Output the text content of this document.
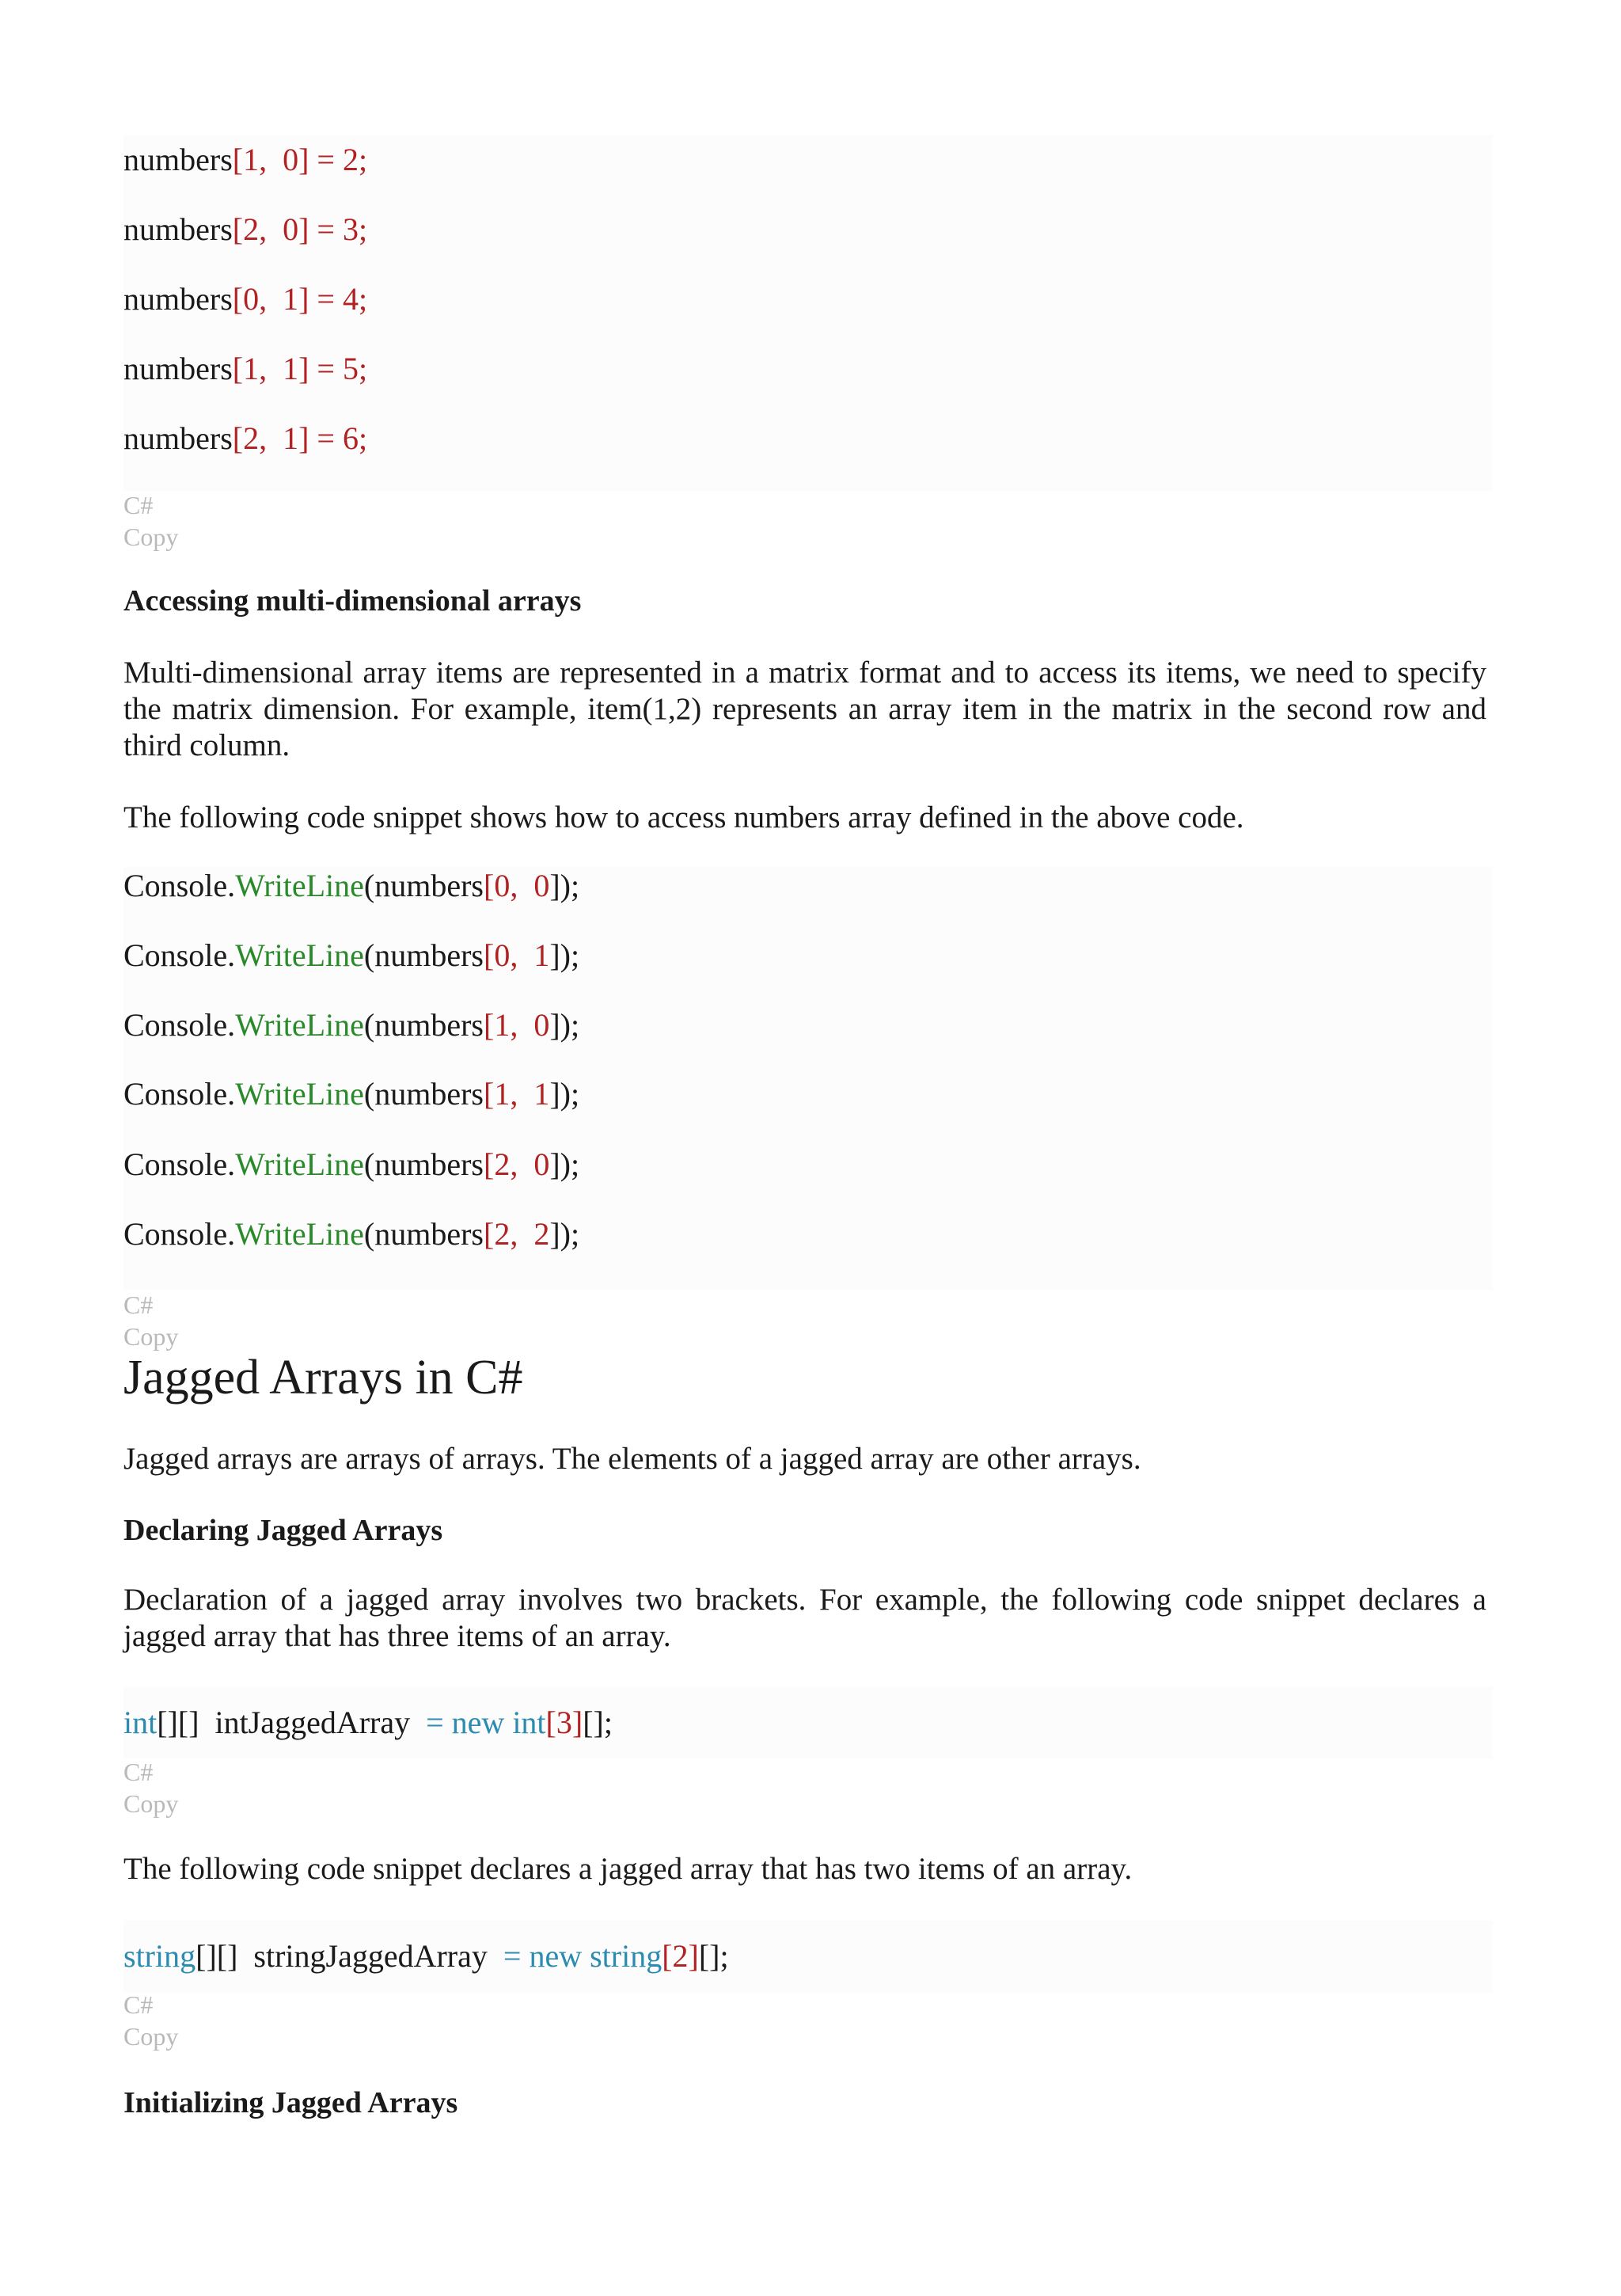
numbers[1,  0] = 2;
numbers[2,  0] = 3;
numbers[0,  1] = 4;
numbers[1,  1] = 5;
numbers[2,  1] = 6;
C#
Copy
Accessing multi-dimensional arrays
Multi-dimensional array items are represented in a matrix format and to access its items, we need to specify the matrix dimension. For example, item(1,2) represents an array item in the matrix in the second row and third column.
The following code snippet shows how to access numbers array defined in the above code.
Console.WriteLine(numbers[0,  0]);
Console.WriteLine(numbers[0,  1]);
Console.WriteLine(numbers[1,  0]);
Console.WriteLine(numbers[1,  1]);
Console.WriteLine(numbers[2,  0]);
Console.WriteLine(numbers[2,  2]);
C#
Copy
Jagged Arrays in C#
Jagged arrays are arrays of arrays. The elements of a jagged array are other arrays.
Declaring Jagged Arrays
Declaration of a jagged array involves two brackets. For example, the following code snippet declares a jagged array that has three items of an array.
int[][]  intJaggedArray = new int[3][];
C#
Copy
The following code snippet declares a jagged array that has two items of an array.
string[][]  stringJaggedArray = new string[2][];
C#
Copy
Initializing Jagged Arrays
